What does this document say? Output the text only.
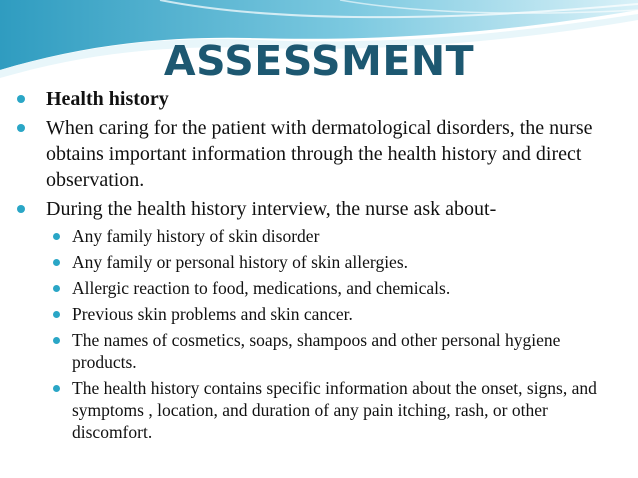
ASSESSMENT
Health history
When caring for the patient with dermatological disorders, the nurse obtains important information through the health history and direct observation.
During the health history interview, the nurse ask about-
Any family history of skin disorder
Any family or personal history of skin allergies.
Allergic reaction to food, medications, and chemicals.
Previous skin problems and skin cancer.
The names of cosmetics, soaps, shampoos and other personal hygiene products.
The health history contains specific information about the onset, signs, and symptoms , location, and duration of any pain itching, rash, or other discomfort.
